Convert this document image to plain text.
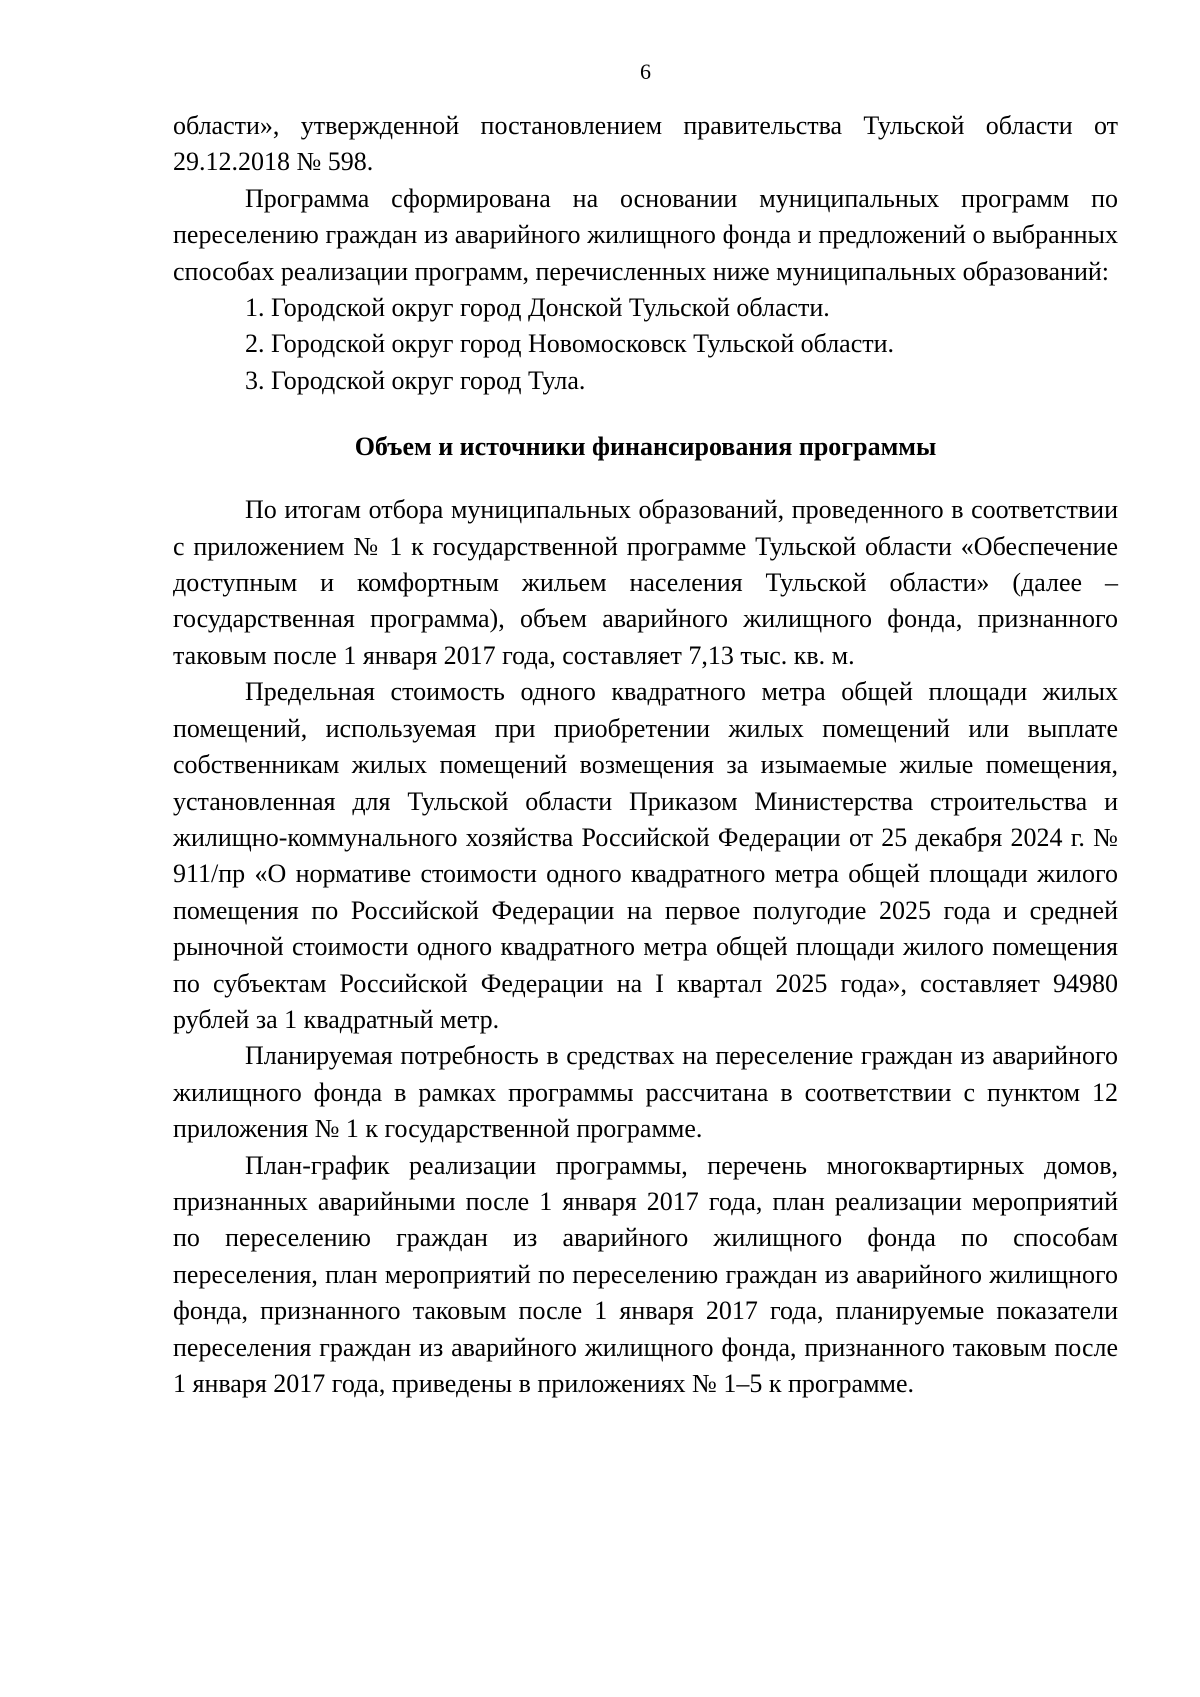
6

области», утвержденной постановлением правительства Тульской области от 29.12.2018 № 598.

Программа сформирована на основании муниципальных программ по переселению граждан из аварийного жилищного фонда и предложений о выбранных способах реализации программ, перечисленных ниже муниципальных образований:

1. Городской округ город Донской Тульской области.
2. Городской округ город Новомосковск Тульской области.
3. Городской округ город Тула.
Объем и источники финансирования программы

По итогам отбора муниципальных образований, проведенного в соответствии с приложением № 1 к государственной программе Тульской области «Обеспечение доступным и комфортным жильем населения Тульской области» (далее – государственная программа), объем аварийного жилищного фонда, признанного таковым после 1 января 2017 года, составляет 7,13 тыс. кв. м.

Предельная стоимость одного квадратного метра общей площади жилых помещений, используемая при приобретении жилых помещений или выплате собственникам жилых помещений возмещения за изымаемые жилые помещения, установленная для Тульской области Приказом Министерства строительства и жилищно-коммунального хозяйства Российской Федерации от 25 декабря 2024 г. № 911/пр «О нормативе стоимости одного квадратного метра общей площади жилого помещения по Российской Федерации на первое полугодие 2025 года и средней рыночной стоимости одного квадратного метра общей площади жилого помещения по субъектам Российской Федерации на I квартал 2025 года», составляет 94980 рублей за 1 квадратный метр.

Планируемая потребность в средствах на переселение граждан из аварийного жилищного фонда в рамках программы рассчитана в соответствии с пунктом 12 приложения № 1 к государственной программе.

План-график реализации программы, перечень многоквартирных домов, признанных аварийными после 1 января 2017 года, план реализации мероприятий по переселению граждан из аварийного жилищного фонда по способам переселения, план мероприятий по переселению граждан из аварийного жилищного фонда, признанного таковым после 1 января 2017 года, планируемые показатели переселения граждан из аварийного жилищного фонда, признанного таковым после 1 января 2017 года, приведены в приложениях № 1–5 к программе.
